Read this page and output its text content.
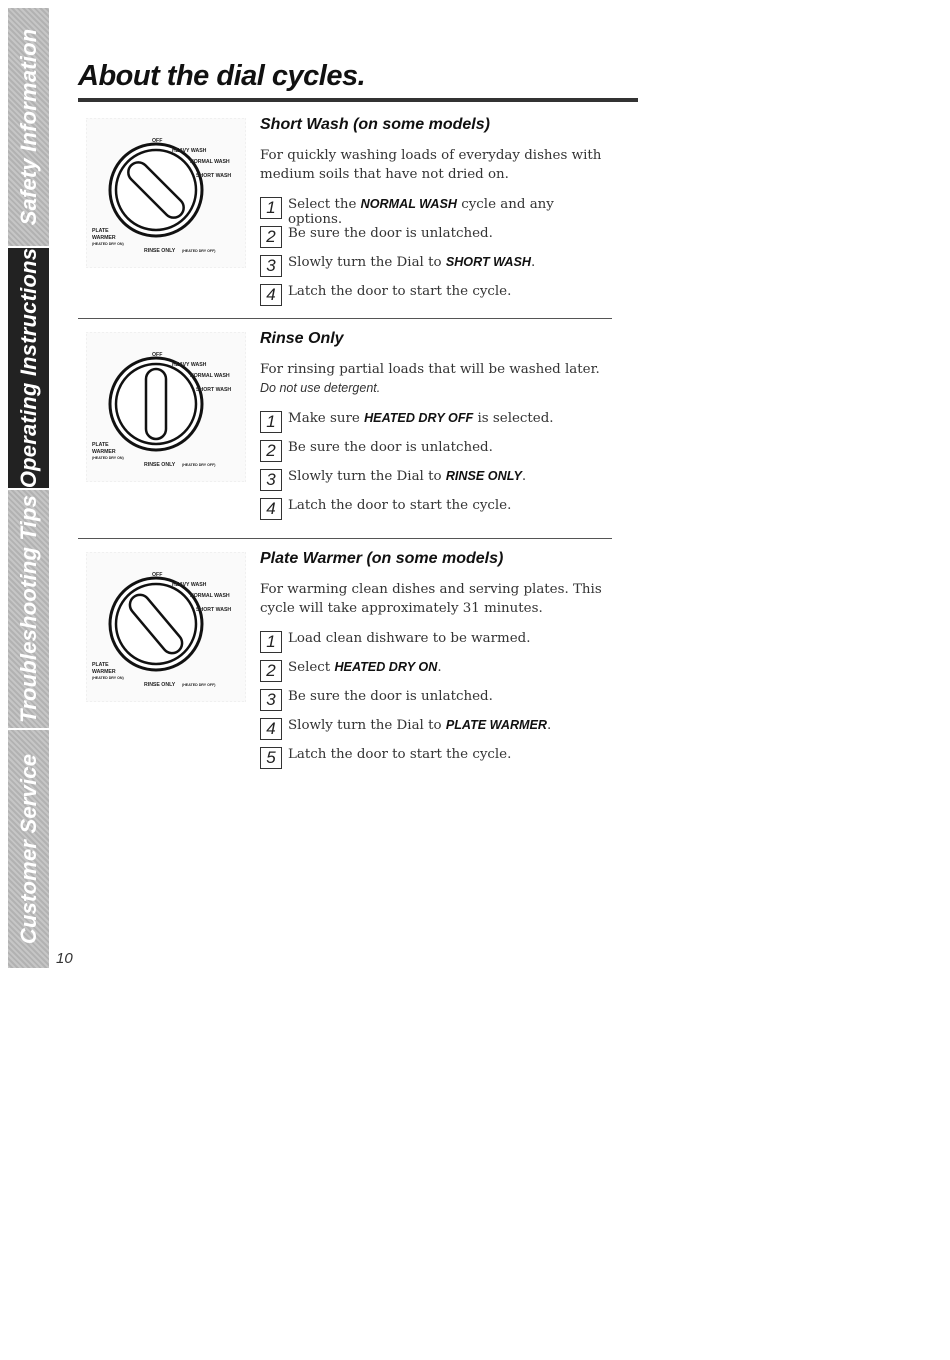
Safety Information
Operating Instructions
Troubleshooting Tips
Customer Service
10
About the dial cycles.
OFF
HEAVY WASH
NORMAL WASH
SHORT WASH
PLATE
WARMER
(HEATED DRY ON)
RINSE ONLY (HEATED DRY OFF)
Short Wash (on some models)

For quickly washing loads of everyday dishes with medium soils that have not dried on.

1 Select the NORMAL WASH cycle and any options.
2 Be sure the door is unlatched.
3 Slowly turn the Dial to SHORT WASH.
4 Latch the door to start the cycle.
OFF
HEAVY WASH
NORMAL WASH
SHORT WASH
PLATE
WARMER
(HEATED DRY ON)
RINSE ONLY (HEATED DRY OFF)
Rinse Only

For rinsing partial loads that will be washed later. Do not use detergent.

1 Make sure HEATED DRY OFF is selected.
2 Be sure the door is unlatched.
3 Slowly turn the Dial to RINSE ONLY.
4 Latch the door to start the cycle.
OFF
HEAVY WASH
NORMAL WASH
SHORT WASH
PLATE
WARMER
(HEATED DRY ON)
RINSE ONLY (HEATED DRY OFF)
Plate Warmer (on some models)

For warming clean dishes and serving plates. This cycle will take approximately 31 minutes.

1 Load clean dishware to be warmed.
2 Select HEATED DRY ON.
3 Be sure the door is unlatched.
4 Slowly turn the Dial to PLATE WARMER.
5 Latch the door to start the cycle.
